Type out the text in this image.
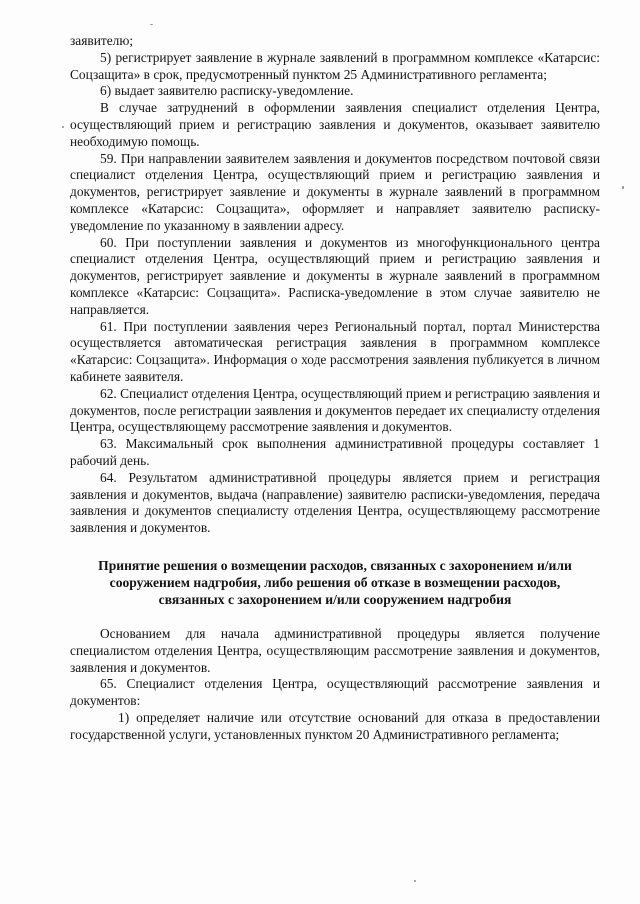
заявителю;

5) регистрирует заявление в журнале заявлений в программном комплексе «Катарсис: Соцзащита» в срок, предусмотренный пунктом 25 Административного регламента;

6) выдает заявителю расписку-уведомление.

В случае затруднений в оформлении заявления специалист отделения Центра, осуществляющий прием и регистрацию заявления и документов, оказывает заявителю необходимую помощь.

59. При направлении заявителем заявления и документов посредством почтовой связи специалист отделения Центра, осуществляющий прием и регистрацию заявления и документов, регистрирует заявление и документы в журнале заявлений в программном комплексе «Катарсис: Соцзащита», оформляет и направляет заявителю расписку-уведомление по указанному в заявлении адресу.

60. При поступлении заявления и документов из многофункционального центра специалист отделения Центра, осуществляющий прием и регистрацию заявления и документов, регистрирует заявление и документы в журнале заявлений в программном комплексе «Катарсис: Соцзащита». Расписка-уведомление в этом случае заявителю не направляется.

61. При поступлении заявления через Региональный портал, портал Министерства осуществляется автоматическая регистрация заявления в программном комплексе «Катарсис: Соцзащита». Информация о ходе рассмотрения заявления публикуется в личном кабинете заявителя.

62. Специалист отделения Центра, осуществляющий прием и регистрацию заявления и документов, после регистрации заявления и документов передает их специалисту отделения Центра, осуществляющему рассмотрение заявления и документов.

63. Максимальный срок выполнения административной процедуры составляет 1 рабочий день.

64. Результатом административной процедуры является прием и регистрация заявления и документов, выдача (направление) заявителю расписки-уведомления, передача заявления и документов специалисту отделения Центра, осуществляющему рассмотрение заявления и документов.

Принятие решения о возмещении расходов, связанных с захоронением и/или сооружением надгробия, либо решения об отказе в возмещении расходов, связанных с захоронением и/или сооружением надгробия

Основанием для начала административной процедуры является получение специалистом отделения Центра, осуществляющим рассмотрение заявления и документов, заявления и документов.

65. Специалист отделения Центра, осуществляющий рассмотрение заявления и документов:

1) определяет наличие или отсутствие оснований для отказа в предоставлении государственной услуги, установленных пунктом 20 Административного регламента;
